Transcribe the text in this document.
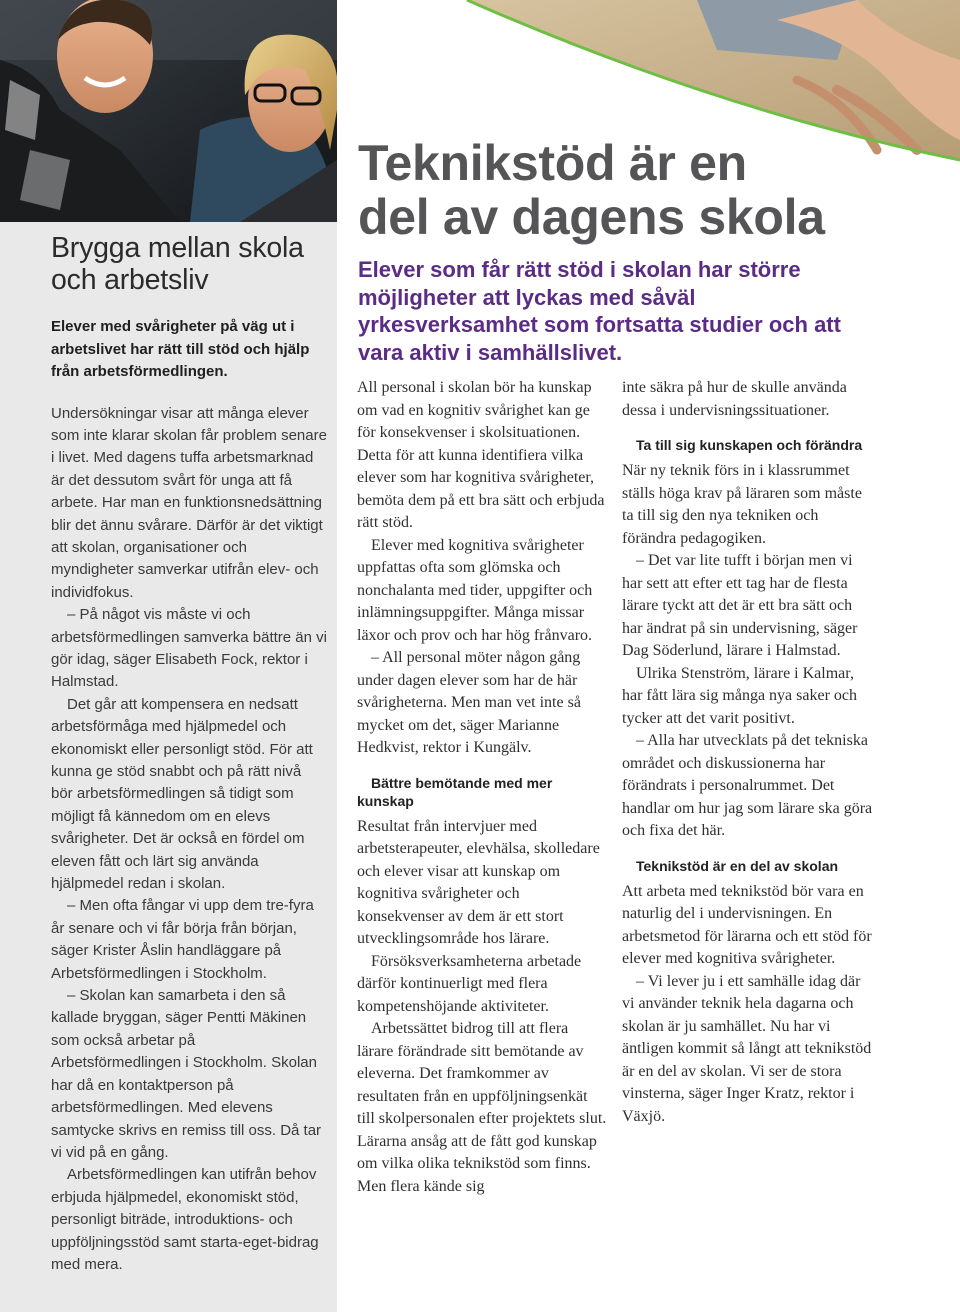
Brygga mellan skola och arbetsliv

Elever med svårigheter på väg ut i arbetslivet har rätt till stöd och hjälp från arbetsförmedlingen.

Undersökningar visar att många elever som inte klarar skolan får problem senare i livet. Med dagens tuffa arbetsmarknad är det dessutom svårt för unga att få arbete. Har man en funktionsnedsättning blir det ännu svårare. Därför är det viktigt att skolan, organisationer och myndigheter samverkar utifrån elev- och individfokus.

– På något vis måste vi och arbetsförmedlingen samverka bättre än vi gör idag, säger Elisabeth Fock, rektor i Halmstad.

Det går att kompensera en nedsatt arbetsförmåga med hjälpmedel och ekonomiskt eller personligt stöd. För att kunna ge stöd snabbt och på rätt nivå bör arbetsförmedlingen så tidigt som möjligt få kännedom om en elevs svårigheter. Det är också en fördel om eleven fått och lärt sig använda hjälpmedel redan i skolan.

– Men ofta fångar vi upp dem tre-fyra år senare och vi får börja från början, säger Krister Åslin handläggare på Arbetsförmedlingen i Stockholm.

– Skolan kan samarbeta i den så kallade bryggan, säger Pentti Mäkinen som också arbetar på Arbetsförmedlingen i Stockholm. Skolan har då en kontaktperson på arbetsförmedlingen. Med elevens samtycke skrivs en remiss till oss. Då tar vi vid på en gång.

Arbetsförmedlingen kan utifrån behov erbjuda hjälpmedel, ekonomiskt stöd, personligt biträde, introduktions- och uppföljningsstöd samt starta-eget-bidrag med mera.

Teknikstöd är en
del av dagens skola

Elever som får rätt stöd i skolan har större möjligheter att lyckas med såväl yrkesverksamhet som fortsatta studier och att vara aktiv i samhällslivet.

All personal i skolan bör ha kunskap om vad en kognitiv svårighet kan ge för konsekvenser i skolsituationen. Detta för att kunna identifiera vilka elever som har kognitiva svårigheter, bemöta dem på ett bra sätt och erbjuda rätt stöd.

Elever med kognitiva svårigheter uppfattas ofta som glömska och nonchalanta med tider, uppgifter och inlämningsuppgifter. Många missar läxor och prov och har hög frånvaro.

– All personal möter någon gång under dagen elever som har de här svårigheterna. Men man vet inte så mycket om det, säger Marianne Hedkvist, rektor i Kungälv.

Bättre bemötande med mer kunskap

Resultat från intervjuer med arbetsterapeuter, elevhälsa, skolledare och elever visar att kunskap om kognitiva svårigheter och konsekvenser av dem är ett stort utvecklingsområde hos lärare.

Försöksverksamheterna arbetade därför kontinuerligt med flera kompetenshöjande aktiviteter.

Arbetssättet bidrog till att flera lärare förändrade sitt bemötande av eleverna. Det framkommer av resultaten från en uppföljningsenkät till skolpersonalen efter projektets slut. Lärarna ansåg att de fått god kunskap om vilka olika teknikstöd som finns. Men flera kände sig

inte säkra på hur de skulle använda dessa i undervisningssituationer.

Ta till sig kunskapen och förändra

När ny teknik förs in i klassrummet ställs höga krav på läraren som måste ta till sig den nya tekniken och förändra pedagogiken.

– Det var lite tufft i början men vi har sett att efter ett tag har de flesta lärare tyckt att det är ett bra sätt och har ändrat på sin undervisning, säger Dag Söderlund, lärare i Halmstad.

Ulrika Stenström, lärare i Kalmar, har fått lära sig många nya saker och tycker att det varit positivt.

– Alla har utvecklats på det tekniska området och diskussionerna har förändrats i personalrummet. Det handlar om hur jag som lärare ska göra och fixa det här.

Teknikstöd är en del av skolan

Att arbeta med teknikstöd bör vara en naturlig del i undervisningen. En arbetsmetod för lärarna och ett stöd för elever med kognitiva svårigheter.

– Vi lever ju i ett samhälle idag där vi använder teknik hela dagarna och skolan är ju samhället. Nu har vi äntligen kommit så långt att teknikstöd är en del av skolan. Vi ser de stora vinsterna, säger Inger Kratz, rektor i Växjö.
